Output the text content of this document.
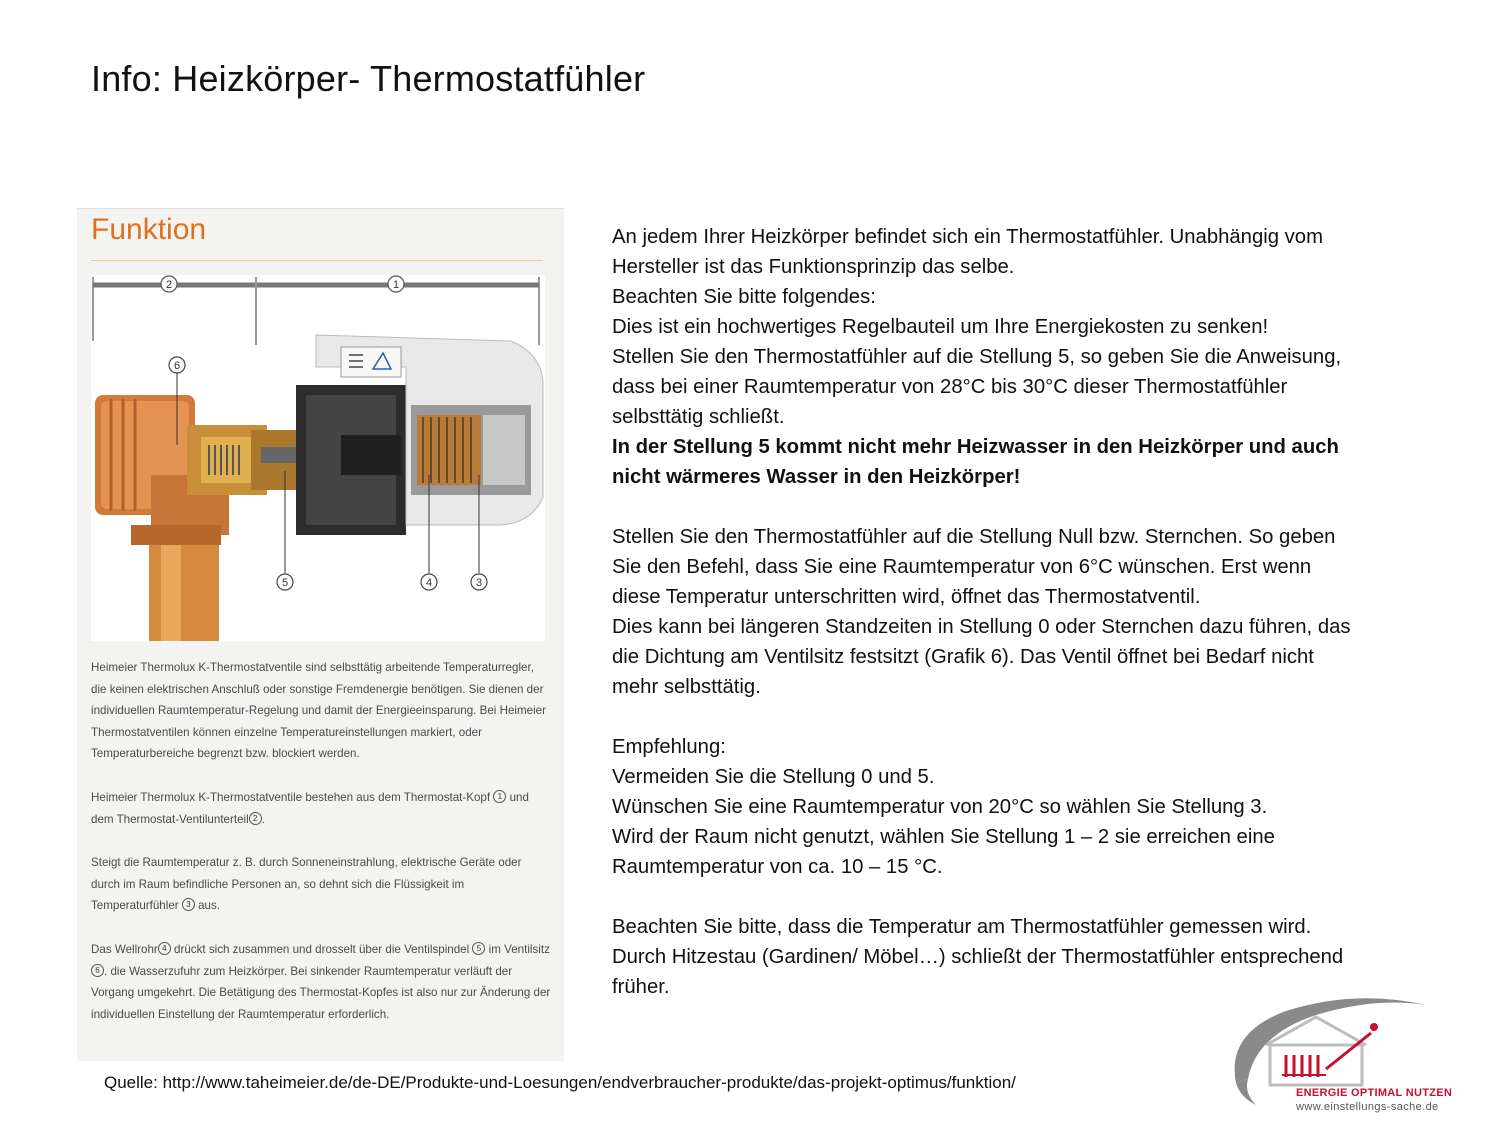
Info: Heizkörper- Thermostatfühler
Funktion
2	1
6
5	4	3

Heimeier Thermolux K-Thermostatventile sind selbsttätig arbeitende Temperaturregler, die keinen elektrischen Anschluß oder sonstige Fremdenergie benötigen. Sie dienen der individuellen Raumtemperatur-Regelung und damit der Energieeinsparung. Bei Heimeier Thermostatventilen können einzelne Temperatureinstellungen markiert, oder Temperaturbereiche begrenzt bzw. blockiert werden.

Heimeier Thermolux K-Thermostatventile bestehen aus dem Thermostat-Kopf 1 und dem Thermostat-Ventilunterteil 2 .

Steigt die Raumtemperatur z. B. durch Sonneneinstrahlung, elektrische Geräte oder durch im Raum befindliche Personen an, so dehnt sich die Flüssigkeit im Temperaturfühler 3 aus.

Das Wellrohr 4 drückt sich zusammen und drosselt über die Ventilspindel 5 im Ventilsitz 6 . die Wasserzufuhr zum Heizkörper. Bei sinkender Raumtemperatur verläuft der Vorgang umgekehrt. Die Betätigung des Thermostat-Kopfes ist also nur zur Änderung der individuellen Einstellung der Raumtemperatur erforderlich.

An jedem Ihrer Heizkörper befindet sich ein Thermostatfühler. Unabhängig vom
Hersteller ist das Funktionsprinzip das selbe.
Beachten Sie bitte folgendes:
Dies ist ein hochwertiges Regelbauteil um Ihre Energiekosten zu senken!
Stellen Sie den Thermostatfühler auf die Stellung 5, so geben Sie die Anweisung,
dass bei einer Raumtemperatur von 28°C bis 30°C dieser Thermostatfühler
selbsttätig schließt.
In der Stellung 5 kommt nicht mehr Heizwasser in den Heizkörper und auch
nicht wärmeres Wasser in den Heizkörper!
Stellen Sie den Thermostatfühler auf die Stellung Null bzw. Sternchen. So geben
Sie den Befehl, dass Sie eine Raumtemperatur von 6°C wünschen. Erst wenn
diese Temperatur unterschritten wird, öffnet das Thermostatventil.
Dies kann bei längeren Standzeiten in Stellung 0 oder Sternchen dazu führen, das
die Dichtung am Ventilsitz festsitzt (Grafik 6). Das Ventil öffnet bei Bedarf nicht
mehr selbsttätig.
Empfehlung:
Vermeiden Sie die Stellung 0 und 5.
Wünschen Sie eine Raumtemperatur von 20°C so wählen Sie Stellung 3.
Wird der Raum nicht genutzt, wählen Sie Stellung 1 – 2 sie erreichen eine
Raumtemperatur von ca. 10 – 15 °C.
Beachten Sie bitte, dass die Temperatur am Thermostatfühler gemessen wird.
Durch Hitzestau (Gardinen/ Möbel…) schließt der Thermostatfühler entsprechend
früher.
Quelle: http://www.taheimeier.de/de-DE/Produkte-und-Loesungen/endverbraucher-produkte/das-projekt-optimus/funktion/
ENERGIE OPTIMAL NUTZEN
www.einstellungs-sache.de
